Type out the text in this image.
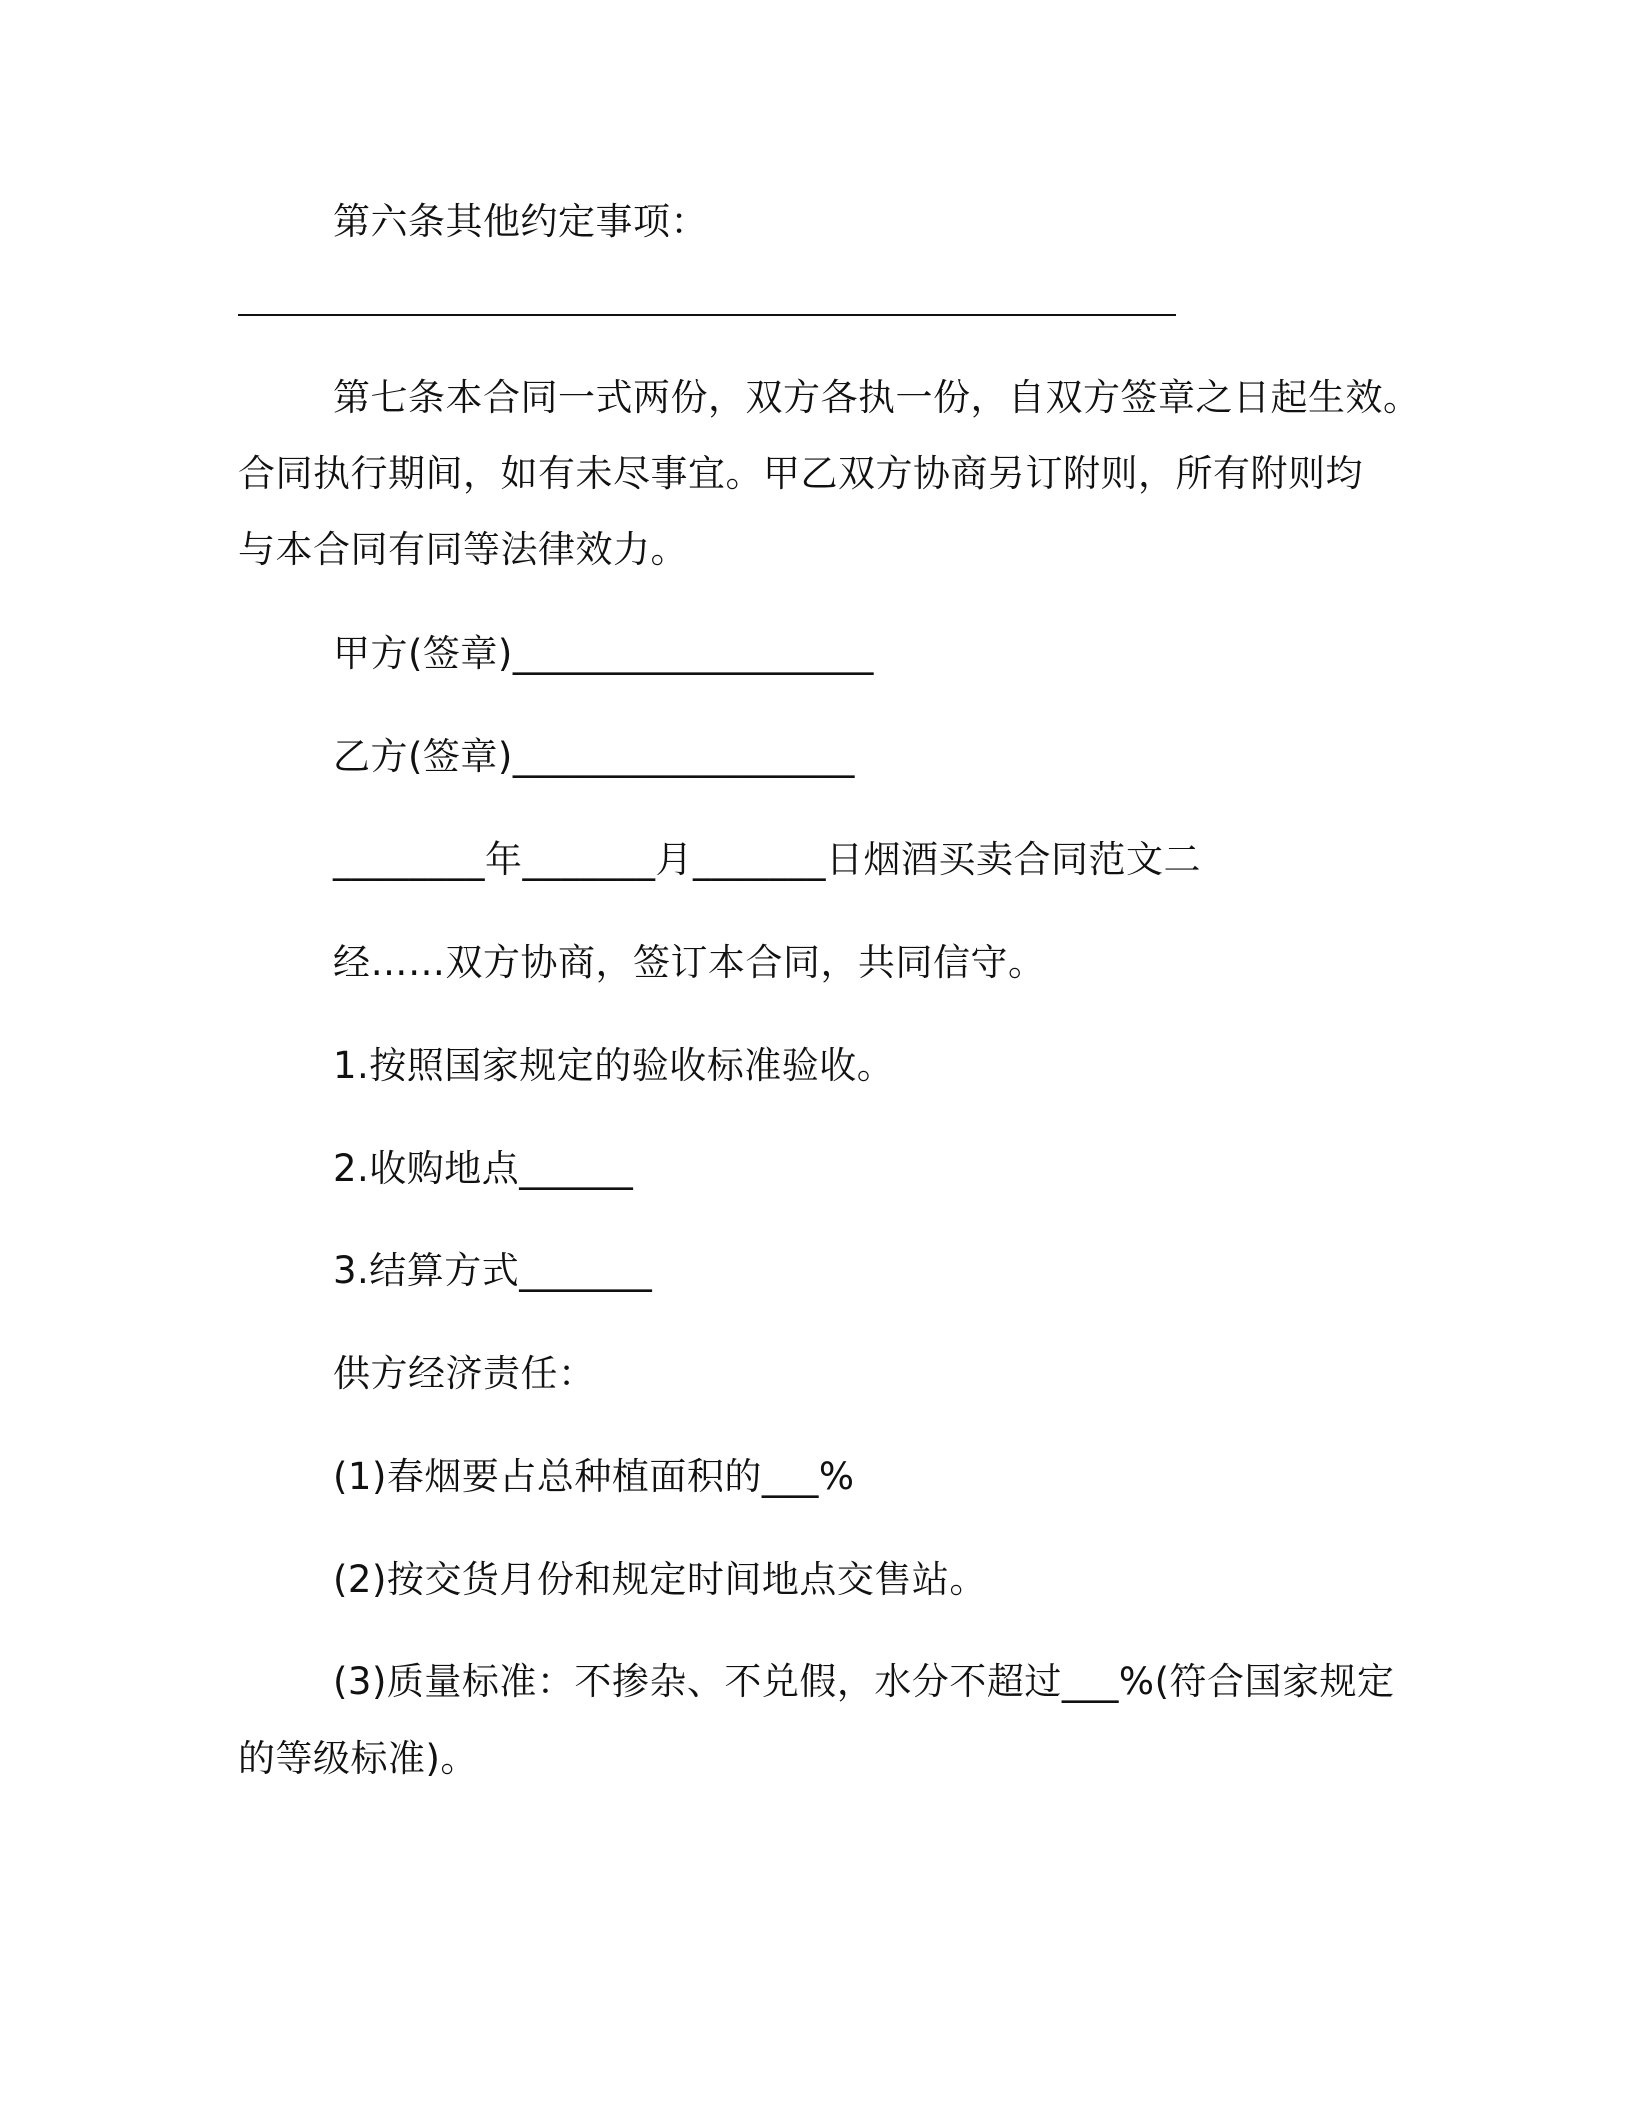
第六条其他约定事项：

第七条本合同一式两份，双方各执一份，自双方签章之日起生效。

合同执行期间，如有未尽事宜。甲乙双方协商另订附则，所有附则均

与本合同有同等法律效力。

甲方(签章)___________________

乙方(签章)__________________

________年_______月_______日烟酒买卖合同范文二

经……双方协商，签订本合同，共同信守。

1.按照国家规定的验收标准验收。

2.收购地点______

3.结算方式_______

供方经济责任：

(1)春烟要占总种植面积的___%

(2)按交货月份和规定时间地点交售站。

(3)质量标准：不掺杂、不兑假，水分不超过___%(符合国家规定

的等级标准)。
